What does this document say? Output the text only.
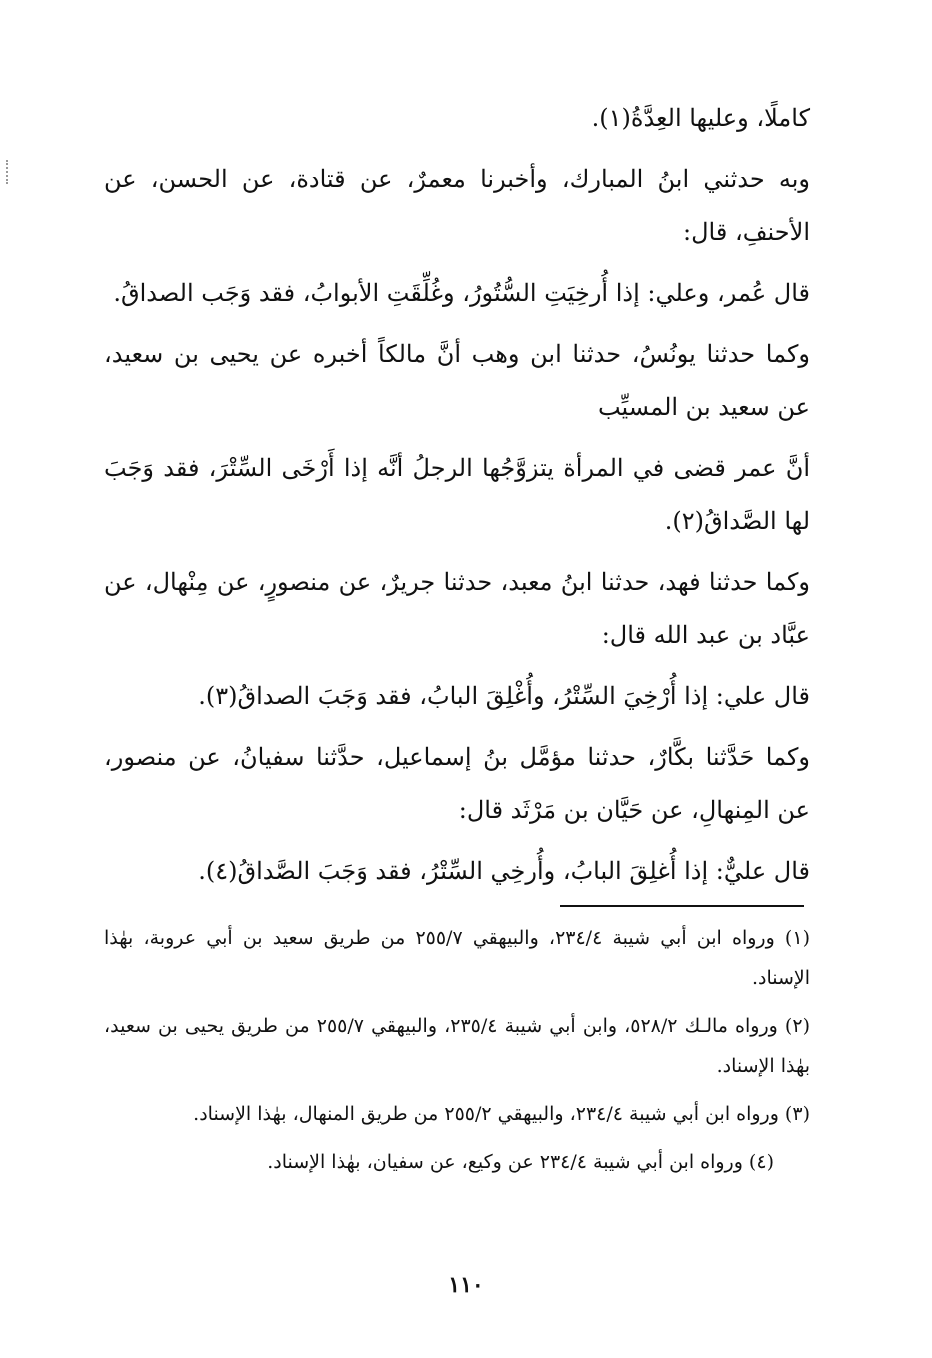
كاملًا، وعليها العِدَّةُ(١).

وبه حدثني ابنُ المبارك، وأخبرنا معمرٌ، عن قتادة، عن الحسن، عن الأحنفِ، قال:

قال عُمر، وعلي: إذا أُرخِيَتِ السُّتُورُ، وغُلِّقَتِ الأبوابُ، فقد وَجَب الصداقُ.

وكما حدثنا يونُسُ، حدثنا ابن وهب أنَّ مالكاً أخبره عن يحيى بن سعيد، عن سعيد بن المسيِّب

أنَّ عمر قضى في المرأة يتزوَّجُها الرجلُ أنَّه إذا أَرْخَى السِّتْرَ، فقد وَجَبَ لها الصَّداقُ(٢).

وكما حدثنا فهد، حدثنا ابنُ معبد، حدثنا جريرٌ، عن منصورٍ، عن مِنْهال، عن عبَّاد بن عبد الله قال:

قال علي: إذا أُرْخِيَ السِّتْرُ، وأُغْلِقَ البابُ، فقد وَجَبَ الصداقُ(٣).

وكما حَدَّثنا بكَّارٌ، حدثنا مؤمَّل بنُ إسماعيل، حدَّثنا سفيانُ، عن منصور، عن المِنهالِ، عن حَيَّان بن مَرْثَد قال:

قال عليٌّ: إذا أُغلِقَ البابُ، وأُرخِي السِّتْرُ، فقد وَجَبَ الصَّداقُ(٤).

(١) ورواه ابن أبي شيبة ٢٣٤/٤، والبيهقي ٢٥٥/٧ من طريق سعيد بن أبي عروبة، بهٰذا الإسناد.

(٢) ورواه مالـك ٥٢٨/٢، وابن أبي شيبة ٢٣٥/٤، والبيهقي ٢٥٥/٧ من طريق يحيى بن سعيد، بهٰذا الإسناد.

(٣) ورواه ابن أبي شيبة ٢٣٤/٤، والبيهقي ٢٥٥/٢ من طريق المنهال، بهٰذا الإسناد.

(٤) ورواه ابن أبي شيبة ٢٣٤/٤ عن وكيع، عن سفيان، بهٰذا الإسناد.

١١٠
